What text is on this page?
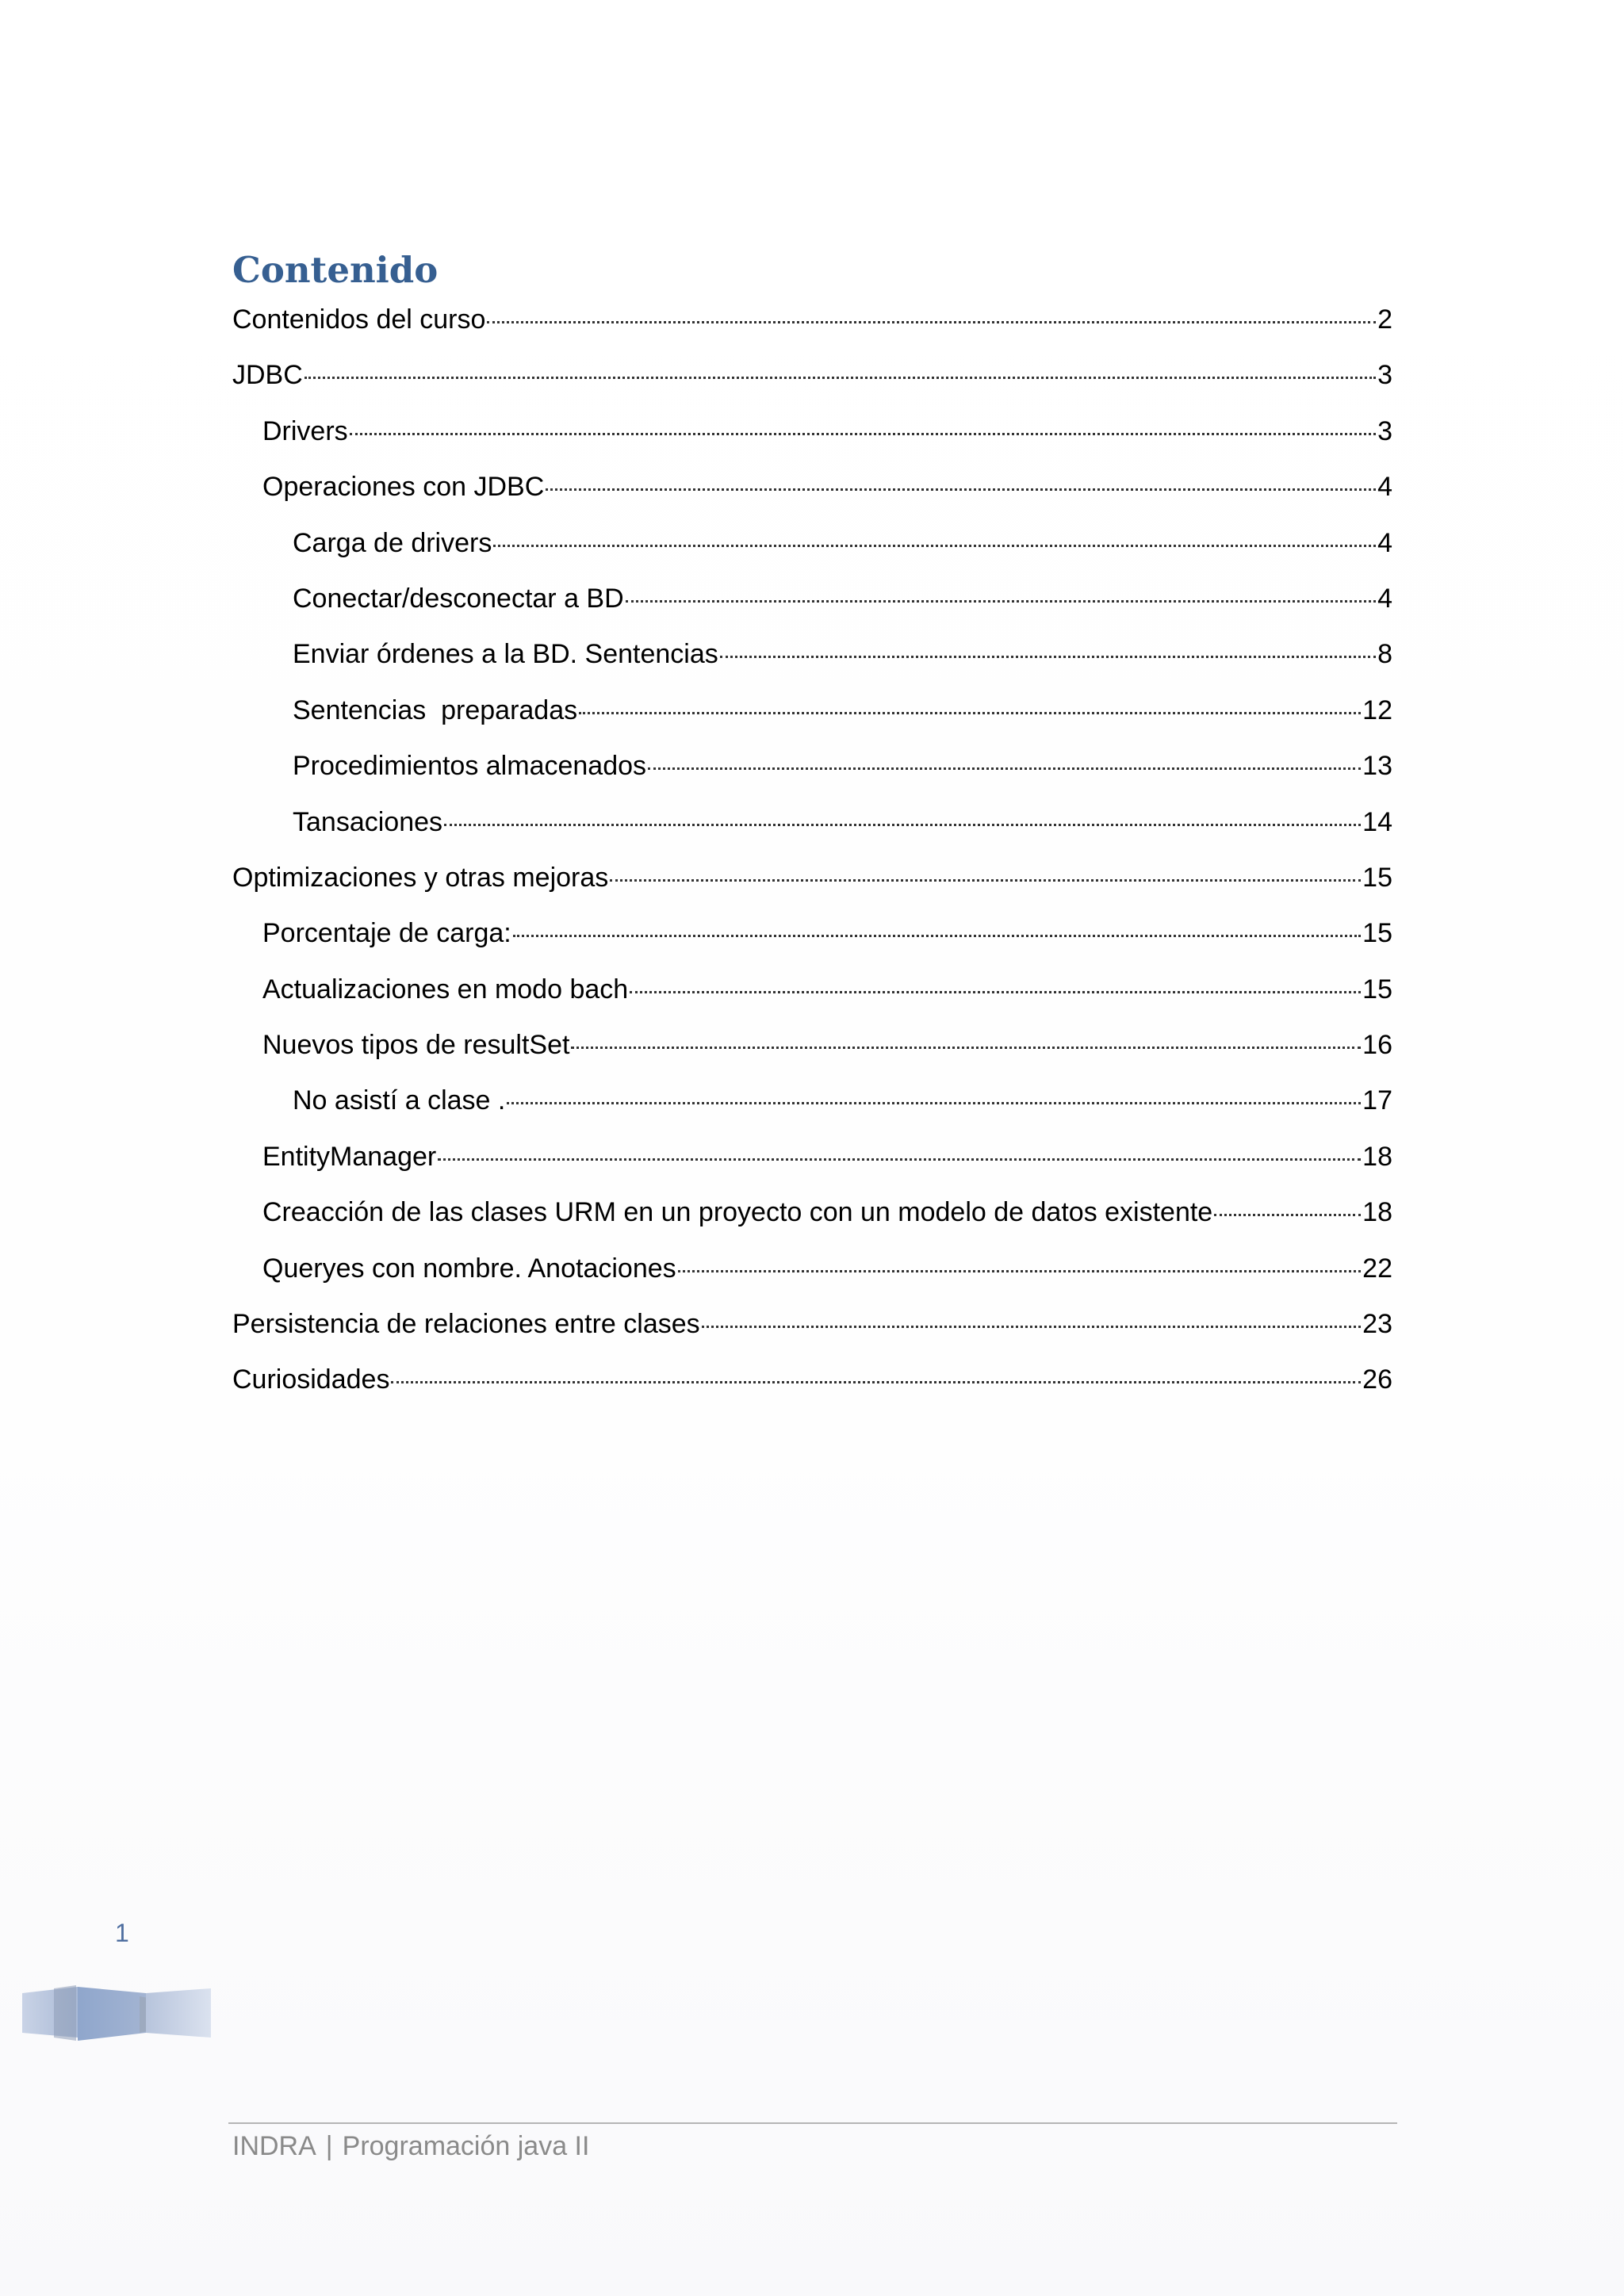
Contenido
Contenidos del curso	2
JDBC	3
Drivers	3
Operaciones con JDBC	4
Carga de drivers	4
Conectar/desconectar a BD	4
Enviar órdenes a la BD. Sentencias	8
Sentencias  preparadas	12
Procedimientos almacenados	13
Tansaciones	14
Optimizaciones y otras mejoras	15
Porcentaje de carga:	15
Actualizaciones en modo bach	15
Nuevos tipos de resultSet	16
No asistí a clase .	17
EntityManager	18
Creacción de las clases URM en un proyecto con un modelo de datos existente	18
Queryes con nombre. Anotaciones	22
Persistencia de relaciones entre clases	23
Curiosidades	26
1
INDRA | Programación java II
